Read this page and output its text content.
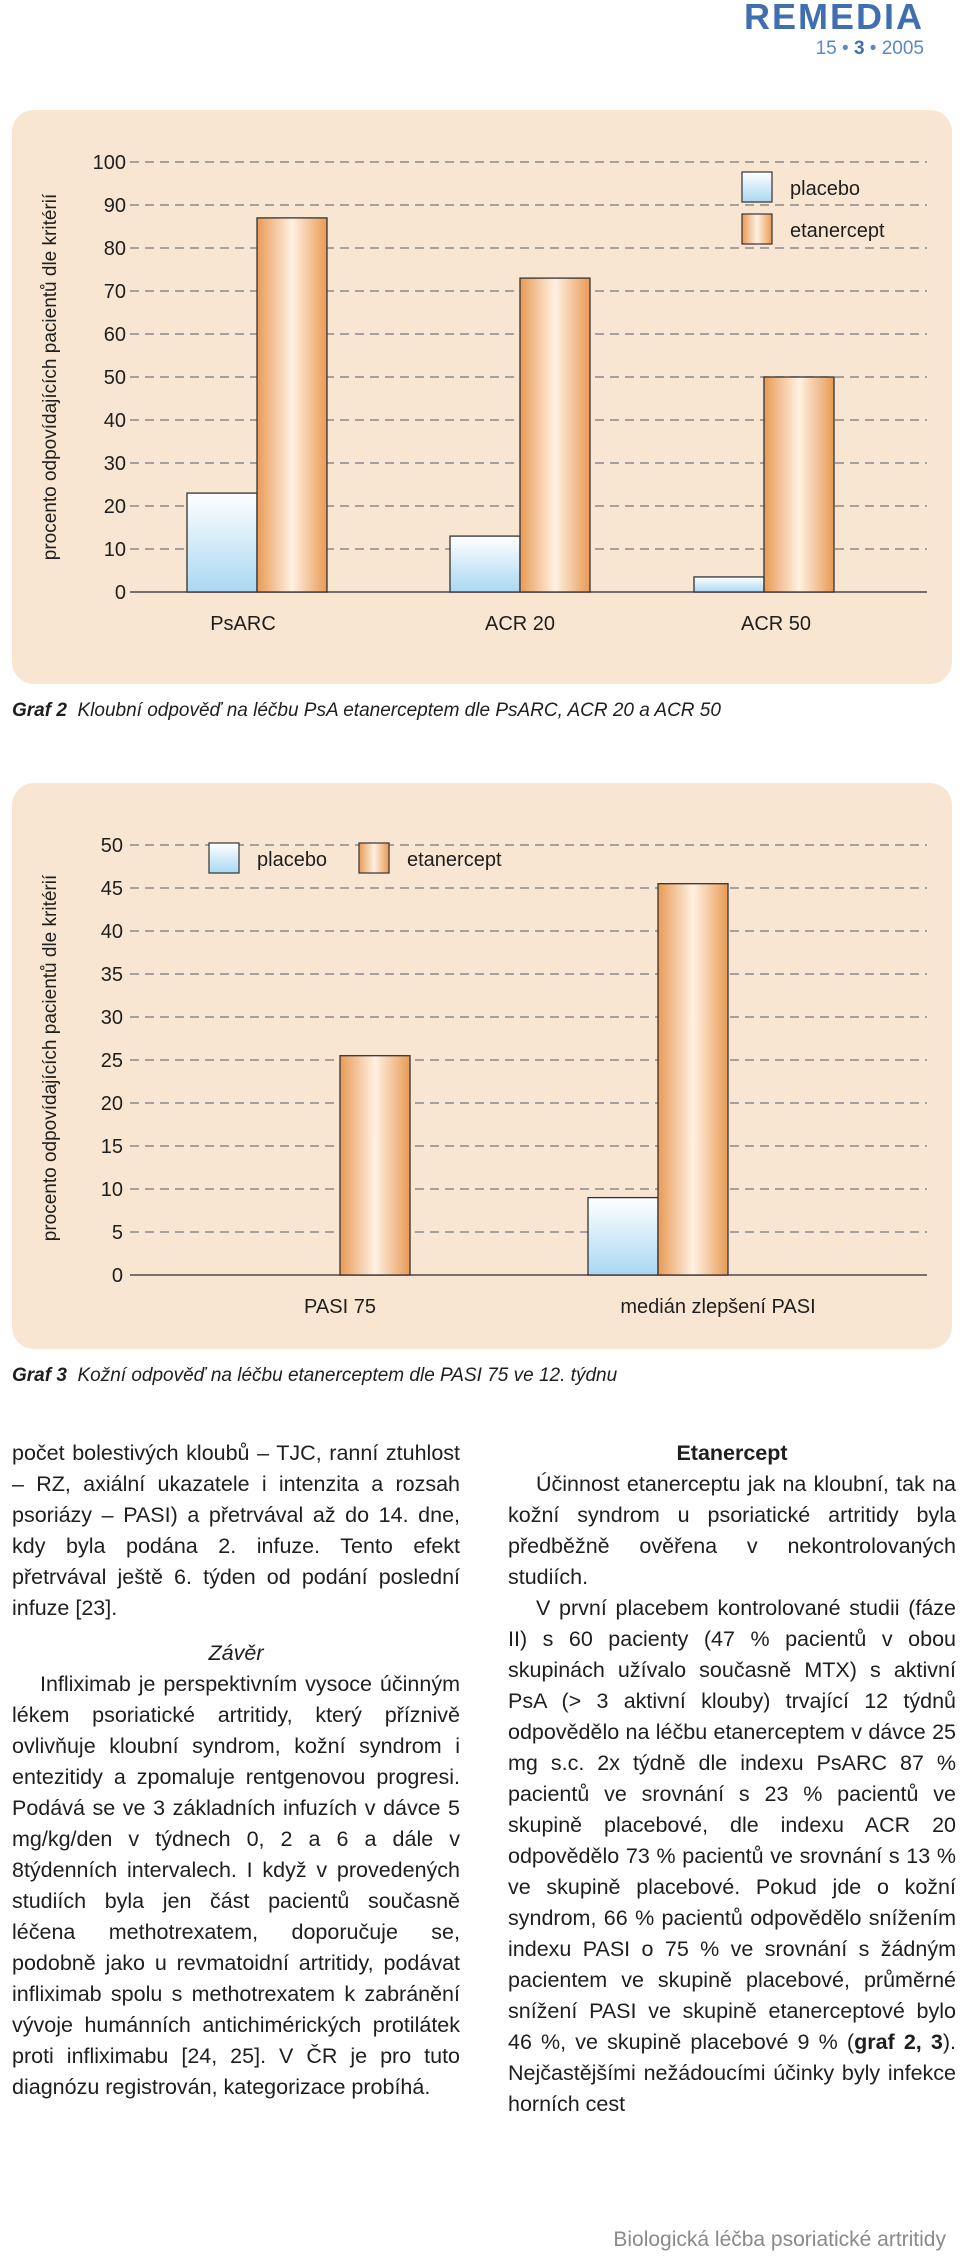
REMEDIA
15 • 3 • 2005
0
10
20
30
40
50
60
70
80
90
100
procento odpovídajících pacientů dle kritérií
PsARC	ACR 20	ACR 50
placebo
etanercept
Graf 2 Kloubní odpověď na léčbu PsA etanerceptem dle PsARC, ACR 20 a ACR 50
0
5
10
15
20
25
30
35
40
45
50
procento odpovídajících pacientů dle kritérií
PASI 75	medián zlepšení PASI
placebo	etanercept
Graf 3 Kožní odpověď na léčbu etanerceptem dle PASI 75 ve 12. týdnu

počet bolestivých kloubů – TJC, ranní ztuhlost – RZ, axiální ukazatele i intenzita a rozsah psoriázy – PASI) a přetrvával až do 14. dne, kdy byla podána 2. infuze. Tento efekt přetrvával ještě 6. týden od podání poslední infuze [23].

Závěr

Infliximab je perspektivním vysoce účinným lékem psoriatické artritidy, který příznivě ovlivňuje kloubní syndrom, kožní syndrom i entezitidy a zpomaluje rentgenovou progresi. Podává se ve 3 základních infuzích v dávce 5 mg/kg/den v týdnech 0, 2 a 6 a dále v 8týdenních intervalech. I když v provedených studiích byla jen část pacientů současně léčena methotrexatem, doporučuje se, podobně jako u revmatoidní artritidy, podávat infliximab spolu s methotrexatem k zabránění vývoje humánních antichimérických protilátek proti infliximabu [24, 25]. V ČR je pro tuto diagnózu registrován, kategorizace probíhá.

Etanercept

Účinnost etanerceptu jak na kloubní, tak na kožní syndrom u psoriatické artritidy byla předběžně ověřena v nekontrolovaných studiích.

V první placebem kontrolované studii (fáze II) s 60 pacienty (47 % pacientů v obou skupinách užívalo současně MTX) s aktivní PsA (> 3 aktivní klouby) trvající 12 týdnů odpovědělo na léčbu etanerceptem v dávce 25 mg s.c. 2x týdně dle indexu PsARC 87 % pacientů ve srovnání s 23 % pacientů ve skupině placebové, dle indexu ACR 20 odpovědělo 73 % pacientů ve srovnání s 13 % ve skupině placebové. Pokud jde o kožní syndrom, 66 % pacientů odpovědělo snížením indexu PASI o 75 % ve srovnání s žádným pacientem ve skupině placebové, průměrné snížení PASI ve skupině etanerceptové bylo 46 %, ve skupině placebové 9 % (graf 2, 3). Nejčastějšími nežádoucími účinky byly infekce horních cest

Biologická léčba psoriatické artritidy
